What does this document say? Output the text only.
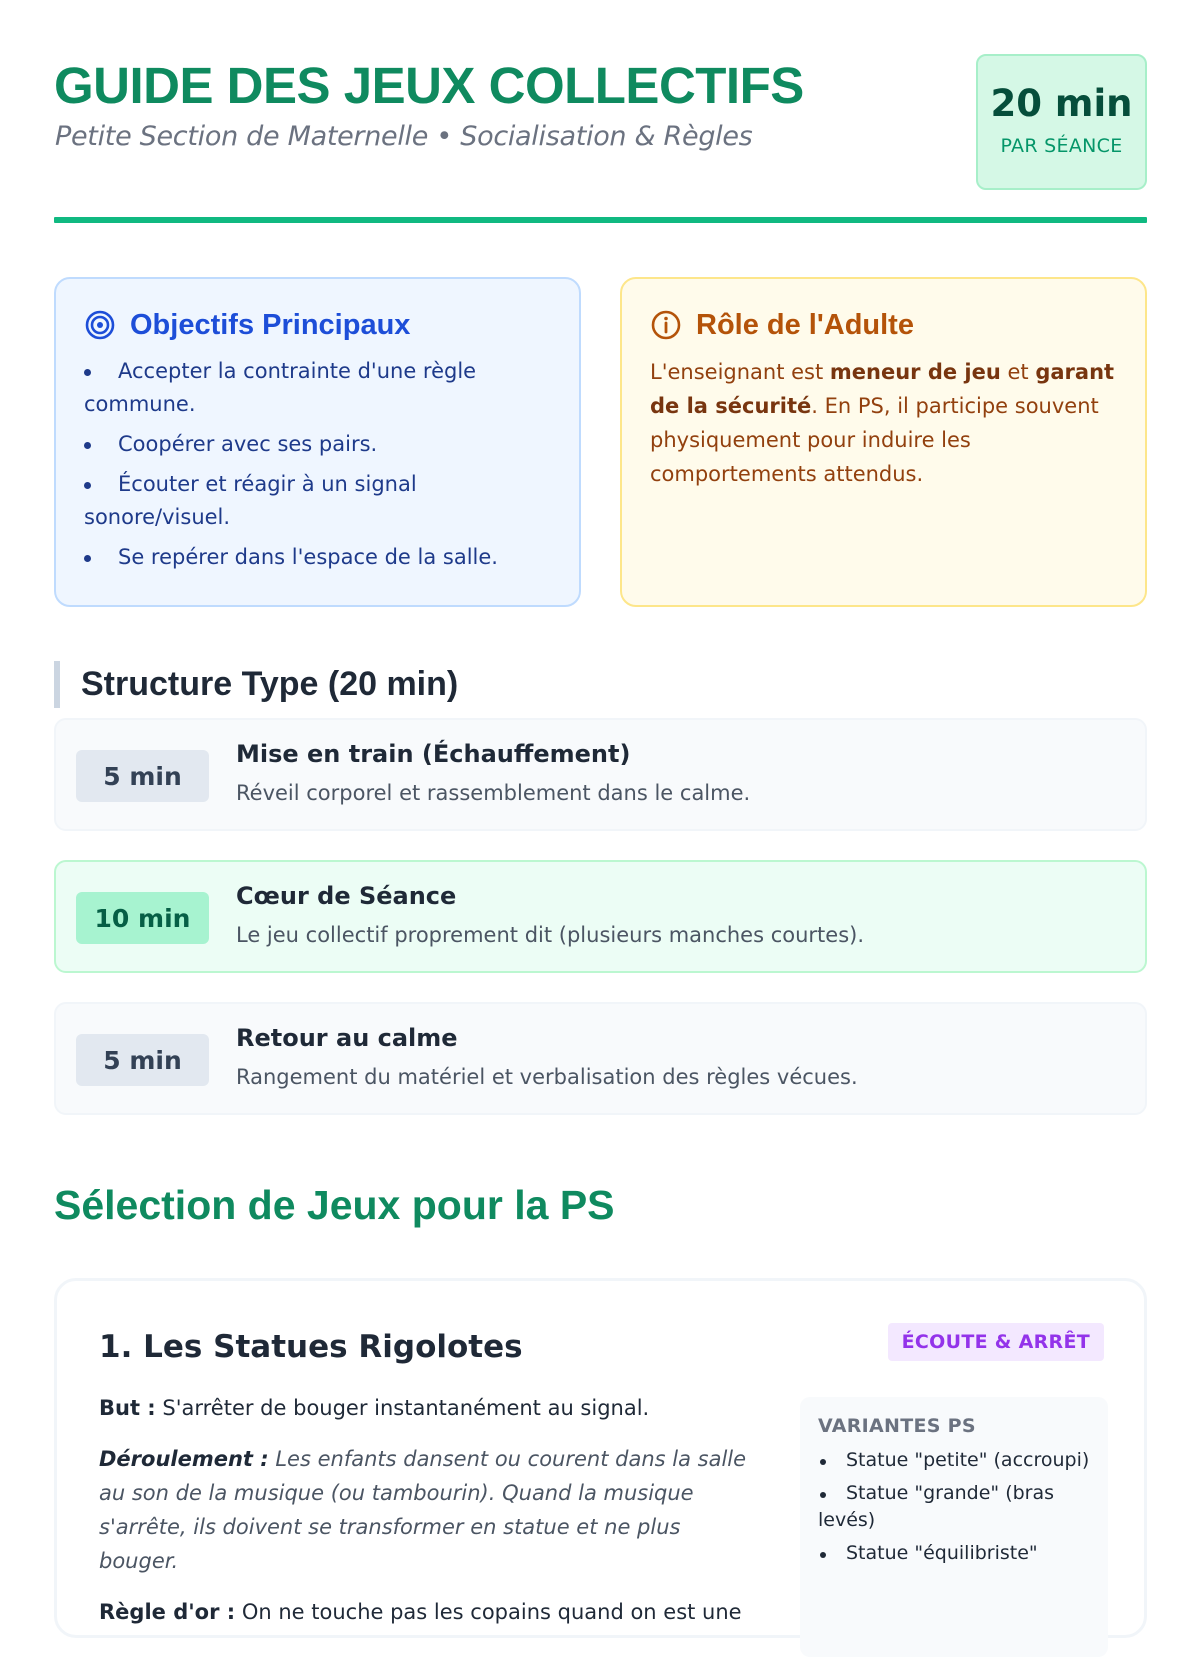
GUIDE DES JEUX COLLECTIFS
Petite Section de Maternelle • Socialisation & Règles
20 min
PAR SÉANCE
Objectifs Principaux
Accepter la contrainte d'une règle commune.
Coopérer avec ses pairs.
Écouter et réagir à un signal sonore/visuel.
Se repérer dans l'espace de la salle.
Rôle de l'Adulte

L'enseignant est meneur de jeu et garant de la sécurité. En PS, il participe souvent physiquement pour induire les comportements attendus.

Structure Type (20 min)
5 min
Mise en train (Échauffement)
Réveil corporel et rassemblement dans le calme.
10 min
Cœur de Séance
Le jeu collectif proprement dit (plusieurs manches courtes).
5 min
Retour au calme
Rangement du matériel et verbalisation des règles vécues.
Sélection de Jeux pour la PS
1. Les Statues Rigolotes	ÉCOUTE & ARRÊT

But : S'arrêter de bouger instantanément au signal.

Déroulement : Les enfants dansent ou courent dans la salle au son de la musique (ou tambourin). Quand la musique s'arrête, ils doivent se transformer en statue et ne plus bouger.

Règle d'or : On ne touche pas les copains quand on est une

VARIANTES PS
Statue "petite" (accroupi)
Statue "grande" (bras levés)
Statue "équilibriste"
